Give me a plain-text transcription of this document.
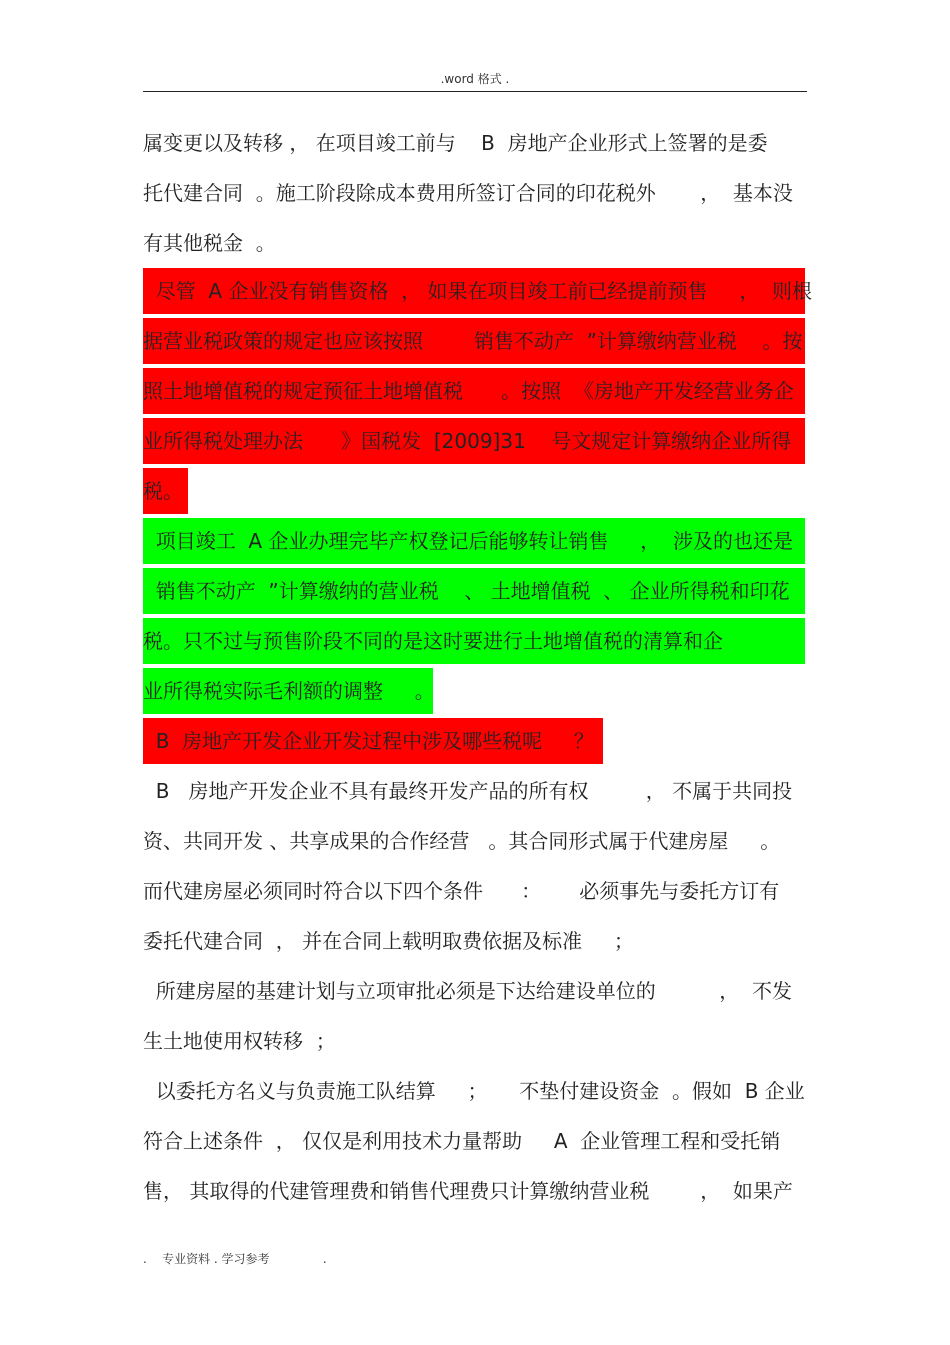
.word 格式 .
属变更以及转移 ， 在项目竣工前与    B  房地产企业形式上签署的是委
托代建合同  。施工阶段除成本费用所签订合同的印花税外       ，  基本没
有其他税金  。
尽管  A 企业没有销售资格  ， 如果在项目竣工前已经提前预售     ，  则根
据营业税政策的规定也应该按照        销售不动产  ”计算缴纳营业税    。按
照土地增值税的规定预征土地增值税      。按照  《房地产开发经营业务企
业所得税处理办法      》国税发  [2009]31    号文规定计算缴纳企业所得
税。
项目竣工  A 企业办理完毕产权登记后能够转让销售     ，  涉及的也还是
销售不动产  ”计算缴纳的营业税    、 土地增值税  、 企业所得税和印花
税。只不过与预售阶段不同的是这时要进行土地增值税的清算和企
业所得税实际毛利额的调整     。
B  房地产开发企业开发过程中涉及哪些税呢     ？
B   房地产开发企业不具有最终开发产品的所有权         ， 不属于共同投
资、共同开发 、共享成果的合作经营   。其合同形式属于代建房屋     。
而代建房屋必须同时符合以下四个条件      ：      必须事先与委托方订有
委托代建合同  ， 并在合同上载明取费依据及标准     ；
所建房屋的基建计划与立项审批必须是下达给建设单位的          ，  不发
生土地使用权转移  ；
以委托方名义与负责施工队结算     ；     不垫付建设资金  。假如  B 企业
符合上述条件  ， 仅仅是利用技术力量帮助     A  企业管理工程和受托销
售， 其取得的代建管理费和销售代理费只计算缴纳营业税        ，  如果产
.    专业资料 . 学习参考              .
